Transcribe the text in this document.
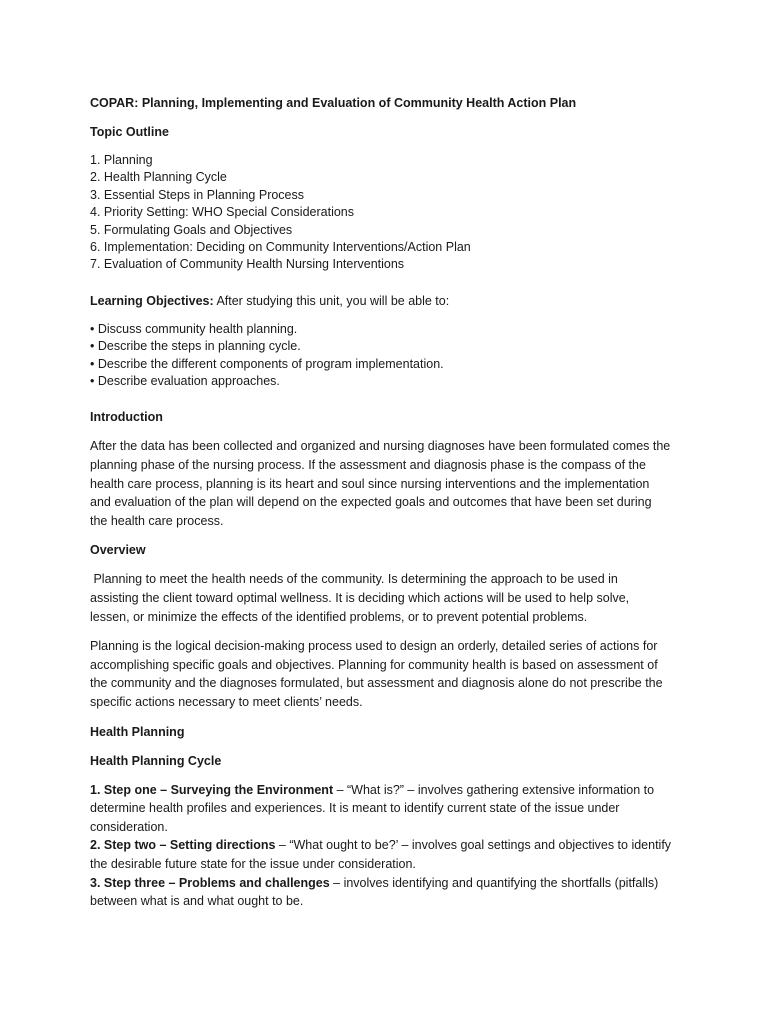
COPAR: Planning, Implementing and Evaluation of Community Health Action Plan
Topic Outline
1. Planning
2. Health Planning Cycle
3. Essential Steps in Planning Process
4. Priority Setting: WHO Special Considerations
5. Formulating Goals and Objectives
6. Implementation: Deciding on Community Interventions/Action Plan
7. Evaluation of Community Health Nursing Interventions
Learning Objectives: After studying this unit, you will be able to:
• Discuss community health planning.
• Describe the steps in planning cycle.
• Describe the different components of program implementation.
• Describe evaluation approaches.
Introduction
After the data has been collected and organized and nursing diagnoses have been formulated comes the
planning phase of the nursing process. If the assessment and diagnosis phase is the compass of the
health care process, planning is its heart and soul since nursing interventions and the implementation
and evaluation of the plan will depend on the expected goals and outcomes that have been set during
the health care process.
Overview
Planning to meet the health needs of the community. Is determining the approach to be used in
assisting the client toward optimal wellness. It is deciding which actions will be used to help solve,
lessen, or minimize the effects of the identified problems, or to prevent potential problems.
Planning is the logical decision-making process used to design an orderly, detailed series of actions for
accomplishing specific goals and objectives. Planning for community health is based on assessment of
the community and the diagnoses formulated, but assessment and diagnosis alone do not prescribe the
specific actions necessary to meet clients’ needs.
Health Planning
Health Planning Cycle
1. Step one – Surveying the Environment – “What is?” – involves gathering extensive information to
determine health profiles and experiences. It is meant to identify current state of the issue under
consideration.
2. Step two – Setting directions – “What ought to be?’ – involves goal settings and objectives to identify
the desirable future state for the issue under consideration.
3. Step three – Problems and challenges – involves identifying and quantifying the shortfalls (pitfalls)
between what is and what ought to be.
